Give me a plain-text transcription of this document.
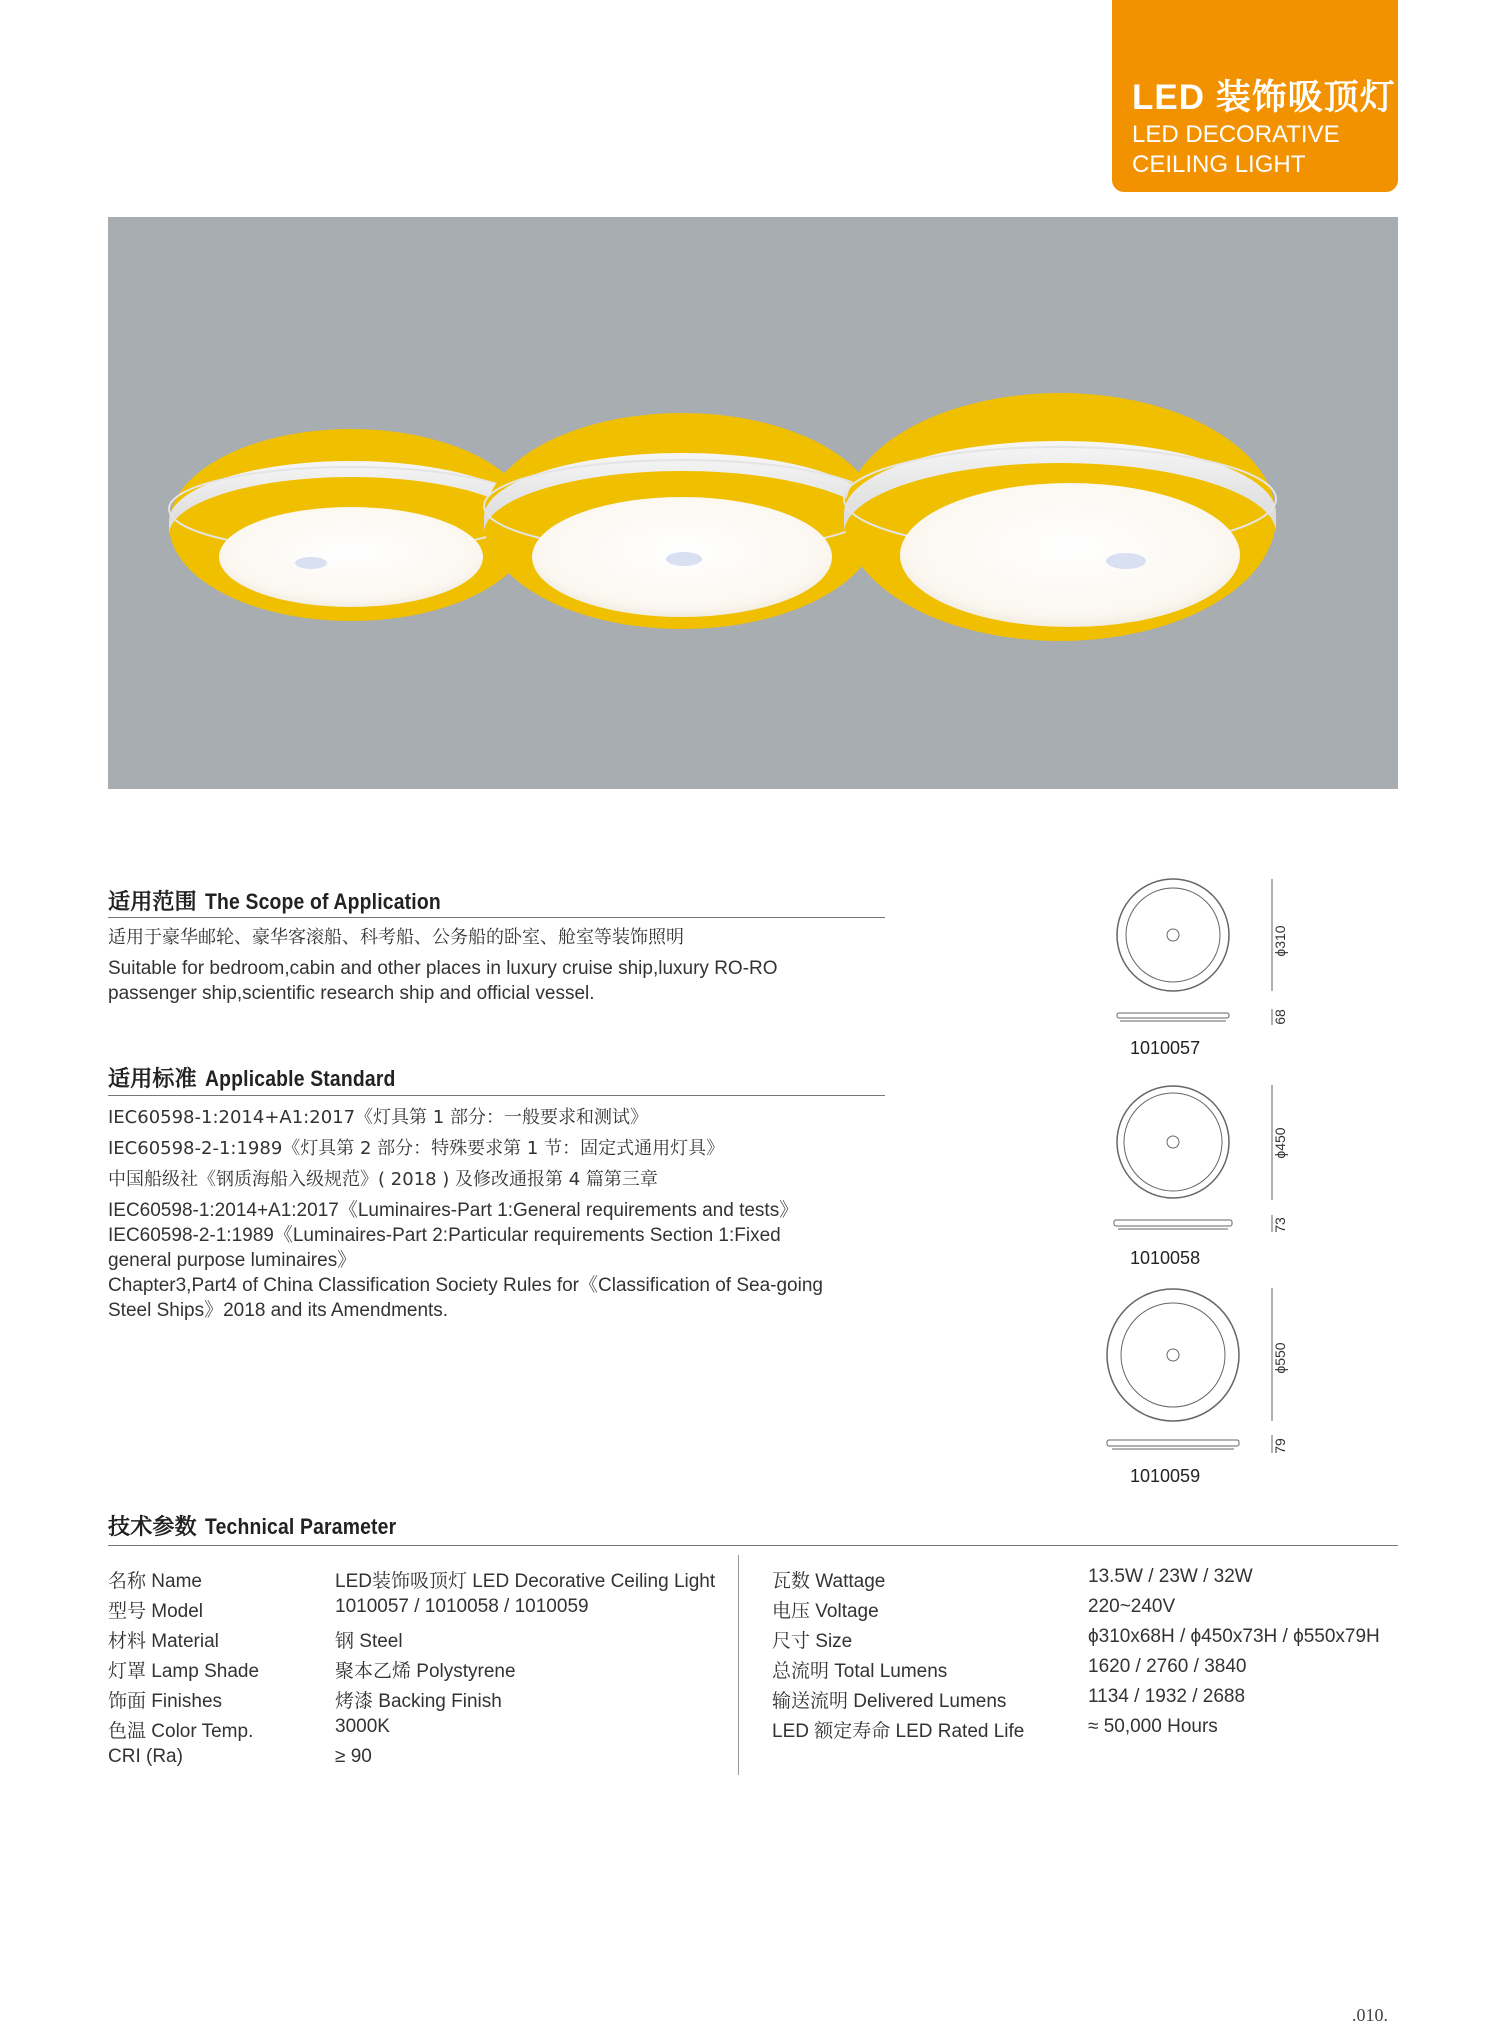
LED 装饰吸顶灯
LED DECORATIVE
CEILING LIGHT
适用范围 The Scope of Application
适用于豪华邮轮、豪华客滚船、科考船、公务船的卧室、舱室等装饰照明
Suitable for bedroom,cabin and other places in luxury cruise ship,luxury RO-RO
passenger ship,scientific research ship and official vessel.
适用标准 Applicable Standard
IEC60598-1:2014+A1:2017《灯具第 1 部分：一般要求和测试》
IEC60598-2-1:1989《灯具第 2 部分：特殊要求第 1 节：固定式通用灯具》
中国船级社《钢质海船入级规范》( 2018 ) 及修改通报第 4 篇第三章
IEC60598-1:2014+A1:2017《Luminaires-Part 1:General requirements and tests》
IEC60598-2-1:1989《Luminaires-Part 2:Particular requirements Section 1:Fixed
general purpose luminaires》
Chapter3,Part4 of China Classification Society Rules for《Classification of Sea-going
Steel Ships》2018 and its Amendments.
ϕ310
68
ϕ450
73
ϕ550
79
1010057
1010058
1010059
技术参数 Technical Parameter
名称 Name	LED装饰吸顶灯 LED Decorative Ceiling Light
型号 Model	1010057 / 1010058 / 1010059
材料 Material	钢 Steel
灯罩 Lamp Shade	聚本乙烯 Polystyrene
饰面 Finishes	烤漆 Backing Finish
色温 Color Temp.	3000K
CRI (Ra)	≥ 90
瓦数 Wattage	13.5W / 23W / 32W
电压 Voltage	220~240V
尺寸 Size	ϕ310x68H / ϕ450x73H / ϕ550x79H
总流明 Total Lumens	1620 / 2760 / 3840
输送流明 Delivered Lumens	1134 / 1932 / 2688
LED 额定寿命 LED Rated Life	≈ 50,000 Hours
.010.
